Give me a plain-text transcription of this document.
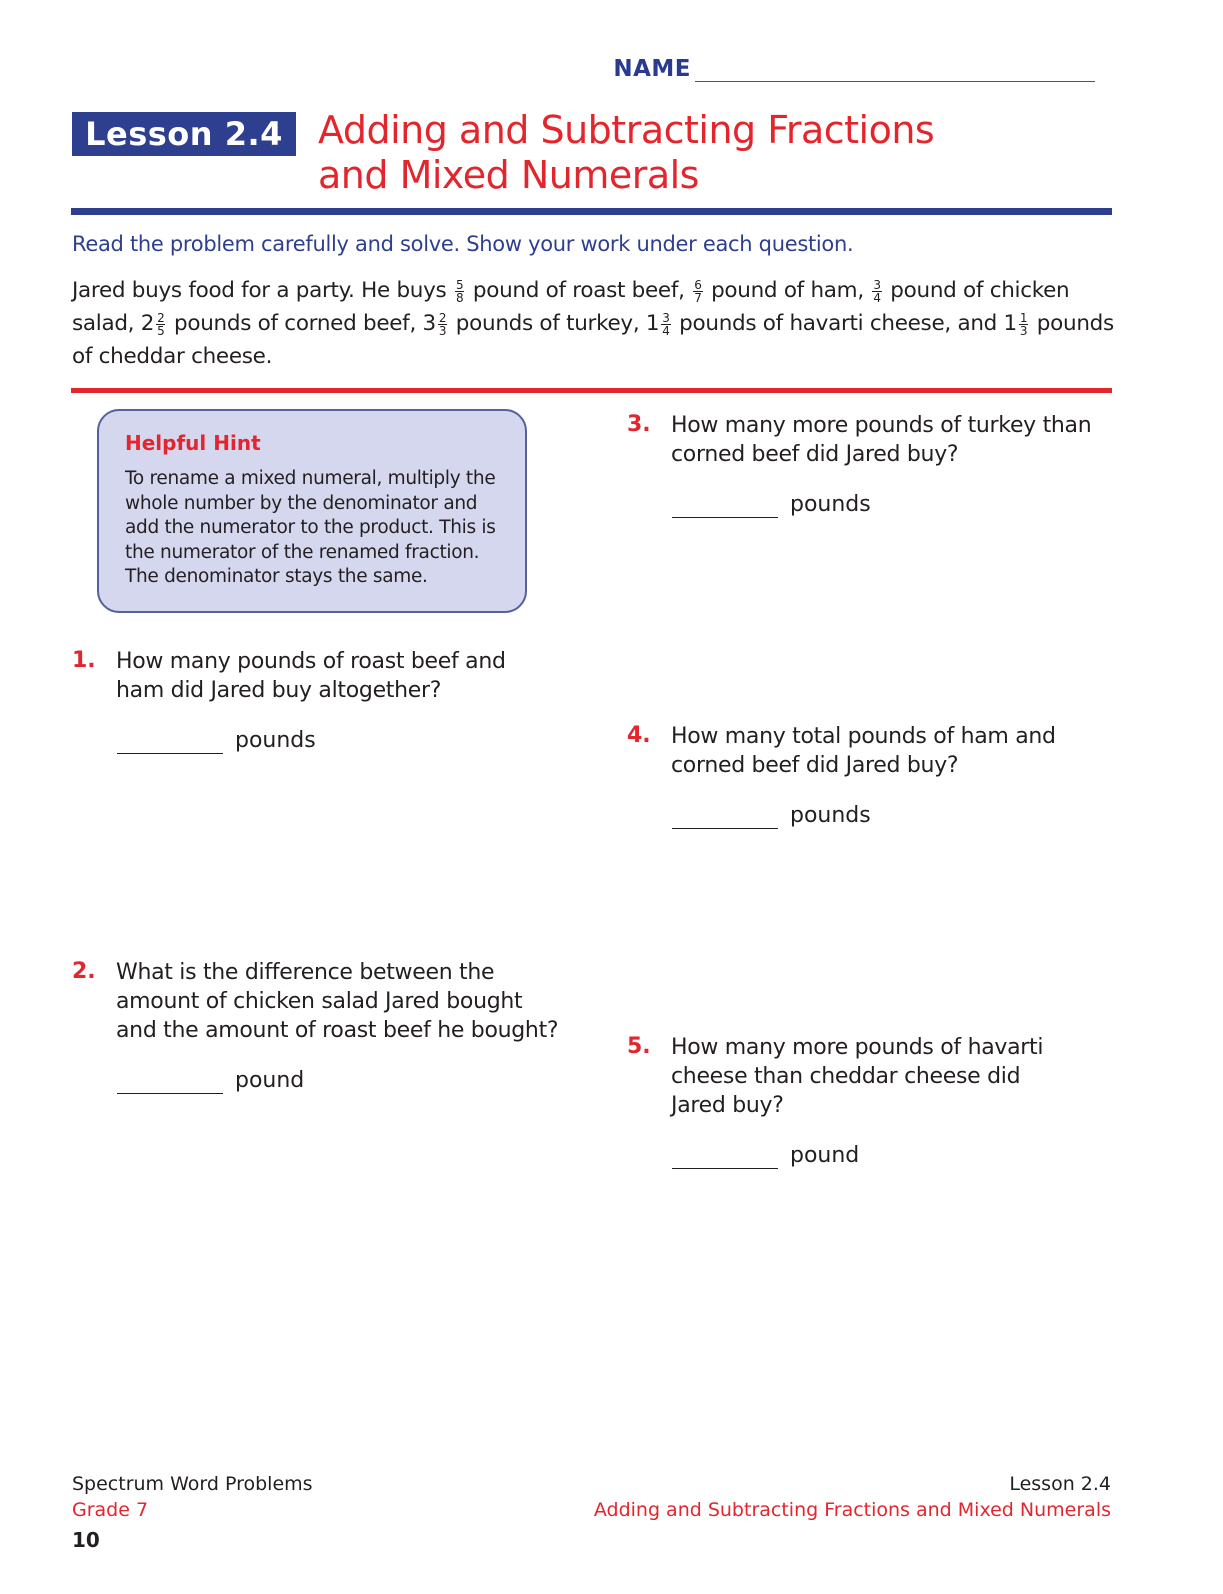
NAME
Lesson 2.4 Adding and Subtracting Fractions
and Mixed Numerals
Read the problem carefully and solve. Show your work under each question.
Jared buys food for a party. He buys $\frac{5}{8}$ pound of roast beef, $\frac{6}{7}$ pound of ham, $\frac{3}{4}$ pound of chicken salad, $2 \frac{2}{5}$ pounds of corned beef, $3 \frac{2}{3}$ pounds of turkey, $1 \frac{3}{4}$ pounds of havarti cheese, and $1 \frac{1}{3}$ pounds of cheddar cheese.
Helpful Hint
To rename a mixed numeral, multiply the whole number by the denominator and add the numerator to the product. This is the numerator of the renamed fraction. The denominator stays the same.
1. How many pounds of roast beef and ham did Jared buy altogether?
pounds
2. What is the difference between the amount of chicken salad Jared bought and the amount of roast beef he bought?
pound
3. How many more pounds of turkey than corned beef did Jared buy?
pounds
4. How many total pounds of ham and corned beef did Jared buy?
pounds
5. How many more pounds of havarti cheese than cheddar cheese did Jared buy?
pound
Spectrum Word Problems
Grade 7
Lesson 2.4
Adding and Subtracting Fractions and Mixed Numerals
10
